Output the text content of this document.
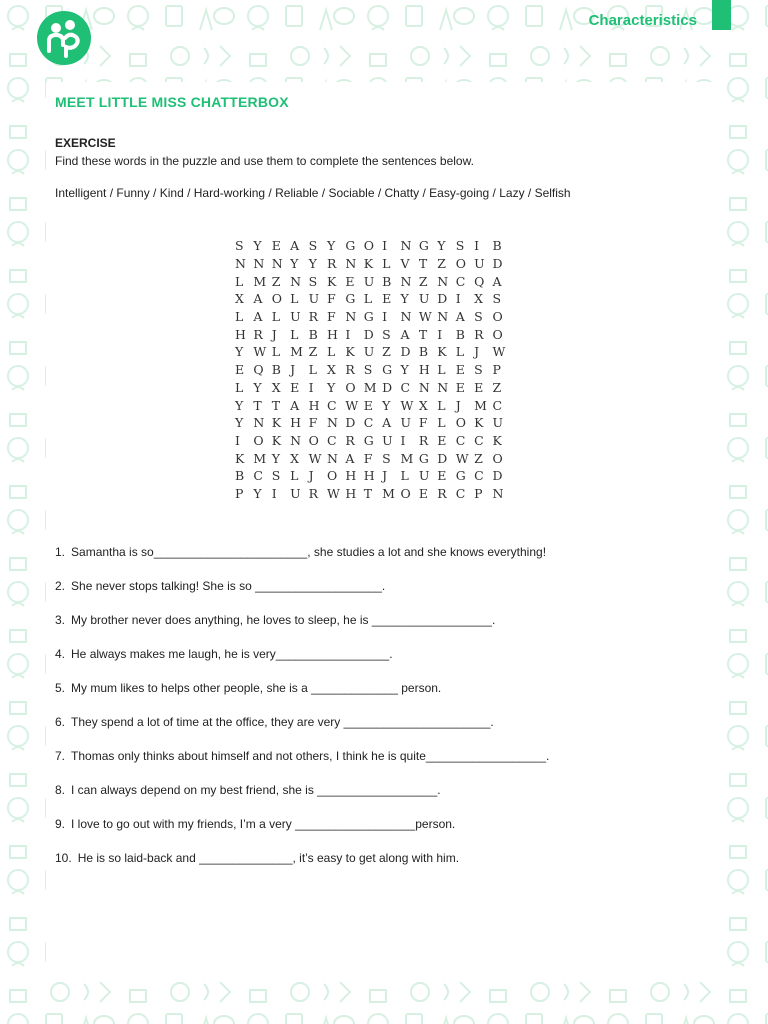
Characteristics
MEET LITTLE MISS CHATTERBOX
EXERCISE
Find these words in the puzzle and use them to complete the sentences below.
Intelligent / Funny / Kind / Hard-working / Reliable / Sociable / Chatty / Easy-going / Lazy / Selfish
S Y E A S Y G O I	N G Y S I	B
N N N Y Y R N K L V T Z O U D
L M Z N S K E U B N Z N C Q A
X A O L U F G L E Y U D I	X S
L A L U R F N G I	N W N A S O
H R J	L B H I	D S A T I	B R O
Y W L M Z L K U Z D B K L J	W
E Q B J	L X R S G Y H L E S P
L Y X E I	Y O M D C N N E E Z
Y T T A H C W E Y W X L J	M C
Y N K H F N D C A U F L O K U
I	O K N O C R G U I	R E C C K
K M Y X W N A F S M G D W Z O
B C S L J	O H H J	L U E G C D
P Y I	U R W H T M O E R C P N
1. Samantha is so_______________________, she studies a lot and she knows everything!
2. She never stops talking! She is so ___________________.
3. My brother never does anything, he loves to sleep, he is __________________.
4. He always makes me laugh, he is very_________________.
5. My mum likes to helps other people, she is a _____________ person.
6. They spend a lot of time at the office, they are very ______________________.
7. Thomas only thinks about himself and not others, I think he is quite__________________.
8. I can always depend on my best friend, she is __________________.
9. I love to go out with my friends, I’m a very __________________person.
10. He is so laid-back and ______________, it’s easy to get along with him.
